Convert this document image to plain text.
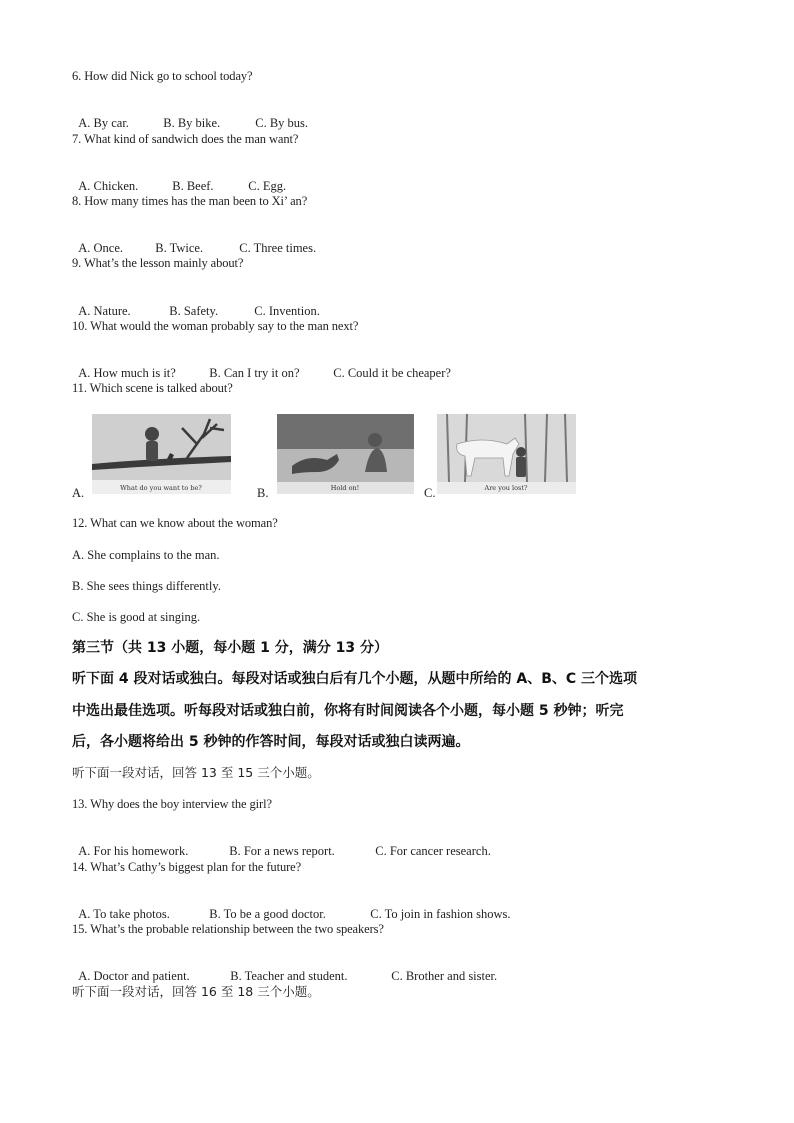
6. How did Nick go to school today?

A. By car.	B. By bike.	C. By bus.

7. What kind of sandwich does the man want?

A. Chicken.	B. Beef.	C. Egg.

8. How many times has the man been to Xi’ an?

A. Once.	B. Twice.	C. Three times.

9. What’s the lesson mainly about?

A. Nature.	B. Safety.	C. Invention.

10. What would the woman probably say to the man next?

A. How much is it?	B. Can I try it on?	C. Could it be cheaper?

11. Which scene is talked about?
A.	What do you want to be?	B.	Hold on!	C.	Are you lost?
12. What can we know about the woman?
A. She complains to the man.
B. She sees things differently.
C. She is good at singing.
第三节（共 13 小题，每小题 1 分，满分 13 分）
听下面 4 段对话或独白。每段对话或独白后有几个小题，从题中所给的 A、B、C 三个选项
中选出最佳选项。听每段对话或独白前，你将有时间阅读各个小题，每小题 5 秒钟；听完
后，各小题将给出 5 秒钟的作答时间，每段对话或独白读两遍。
听下面一段对话，回答 13 至 15 三个小题。
13. Why does the boy interview the girl?

A. For his homework.	B. For a news report.	C. For cancer research.

14. What’s Cathy’s biggest plan for the future?

A. To take photos.	B. To be a good doctor.	C. To join in fashion shows.

15. What’s the probable relationship between the two speakers?

A. Doctor and patient.	B. Teacher and student.	C. Brother and sister.

听下面一段对话，回答 16 至 18 三个小题。
